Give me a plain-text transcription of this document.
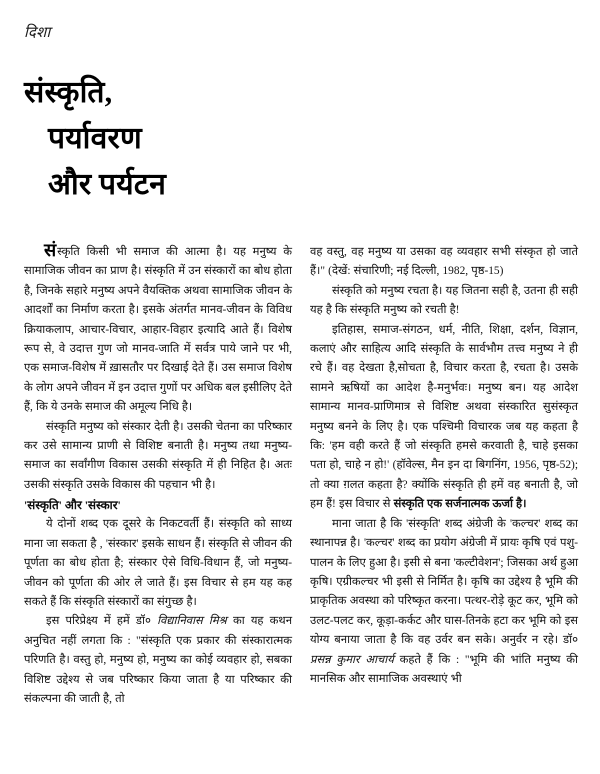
दिशा
संस्कृति,
पर्यावरण
और पर्यटन

संस्कृति किसी भी समाज की आत्मा है। यह मनुष्य के सामाजिक जीवन का प्राण है। संस्कृति में उन संस्कारों का बोध होता है, जिनके सहारे मनुष्य अपने वैयक्तिक अथवा सामाजिक जीवन के आदर्शों का निर्माण करता है। इसके अंतर्गत मानव-जीवन के विविध क्रियाकलाप, आचार-विचार, आहार-विहार इत्यादि आते हैं। विशेष रूप से, वे उदात्त गुण जो मानव-जाति में सर्वत्र पाये जाने पर भी, एक समाज-विशेष में ख़ासतौर पर दिखाई देते हैं। उस समाज विशेष के लोग अपने जीवन में इन उदात्त गुणों पर अधिक बल इसीलिए देते हैं, कि ये उनके समाज की अमूल्य निधि है।

संस्कृति मनुष्य को संस्कार देती है। उसकी चेतना का परिष्कार कर उसे सामान्य प्राणी से विशिष्ट बनाती है। मनुष्य तथा मनुष्य-समाज का सर्वांगीण विकास उसकी संस्कृति में ही निहित है। अतः उसकी संस्कृति उसके विकास की पहचान भी है।

'संस्कृति' और 'संस्कार'

ये दोनों शब्द एक दूसरे के निकटवर्ती हैं। संस्कृति को साध्य माना जा सकता है , 'संस्कार' इसके साधन हैं। संस्कृति से जीवन की पूर्णता का बोध होता है; संस्कार ऐसे विधि-विधान हैं, जो मनुष्य-जीवन को पूर्णता की ओर ले जाते हैं। इस विचार से हम यह कह सकते हैं कि संस्कृति संस्कारों का संगुच्छ है।

इस परिप्रेक्ष्य में हमें डॉ० विद्यानिवास मिश्र का यह कथन अनुचित नहीं लगता कि : "संस्कृति एक प्रकार की संस्कारात्मक परिणति है। वस्तु हो, मनुष्य हो, मनुष्य का कोई व्यवहार हो, सबका विशिष्ट उद्देश्य से जब परिष्कार किया जाता है या परिष्कार की संकल्पना की जाती है, तो

वह वस्तु, वह मनुष्य या उसका वह व्यवहार सभी संस्कृत हो जाते हैं।" (देखें: संचारिणी; नई दिल्ली, 1982, पृष्ठ-15)

संस्कृति को मनुष्य रचता है। यह जितना सही है, उतना ही सही यह है कि संस्कृति मनुष्य को रचती है!

इतिहास, समाज-संगठन, धर्म, नीति, शिक्षा, दर्शन, विज्ञान, कलाएं और साहित्य आदि संस्कृति के सार्वभौम तत्त्व मनुष्य ने ही रचे हैं। वह देखता है,सोचता है, विचार करता है, रचता है। उसके सामने ऋषियों का आदेश है-मनुर्भवः। मनुष्य बन। यह आदेश सामान्य मानव-प्राणिमात्र से विशिष्ट अथवा संस्कारित सुसंस्कृत मनुष्य बनने के लिए है। एक पश्चिमी विचारक जब यह कहता है कि: 'हम वही करते हैं जो संस्कृति हमसे करवाती है, चाहे इसका पता हो, चाहे न हो!' (हॉवेल्स, मैन इन दा बिगनिंग, 1956, पृष्ठ-52); तो क्या ग़लत कहता है? क्योंकि संस्कृति ही हमें वह बनाती है, जो हम हैं! इस विचार से संस्कृति एक सर्जनात्मक ऊर्जा है।

माना जाता है कि 'संस्कृति' शब्द अंग्रेजी के 'कल्चर' शब्द का स्थानापन्न है। 'कल्चर' शब्द का प्रयोग अंग्रेजी में प्रायः कृषि एवं पशु-पालन के लिए हुआ है। इसी से बना 'कल्टीवेशन'; जिसका अर्थ हुआ कृषि। एग्रीकल्चर भी इसी से निर्मित है। कृषि का उद्देश्य है भूमि की प्राकृतिक अवस्था को परिष्कृत करना। पत्थर-रोड़े कूट कर, भूमि को उलट-पलट कर, कूड़ा-कर्कट और घास-तिनके हटा कर भूमि को इस योग्य बनाया जाता है कि वह उर्वर बन सके। अनुर्वर न रहे। डॉ० प्रसन्न कुमार आचार्य कहते हैं कि : "भूमि की भांति मनुष्य की मानसिक और सामाजिक अवस्थाएं भी
